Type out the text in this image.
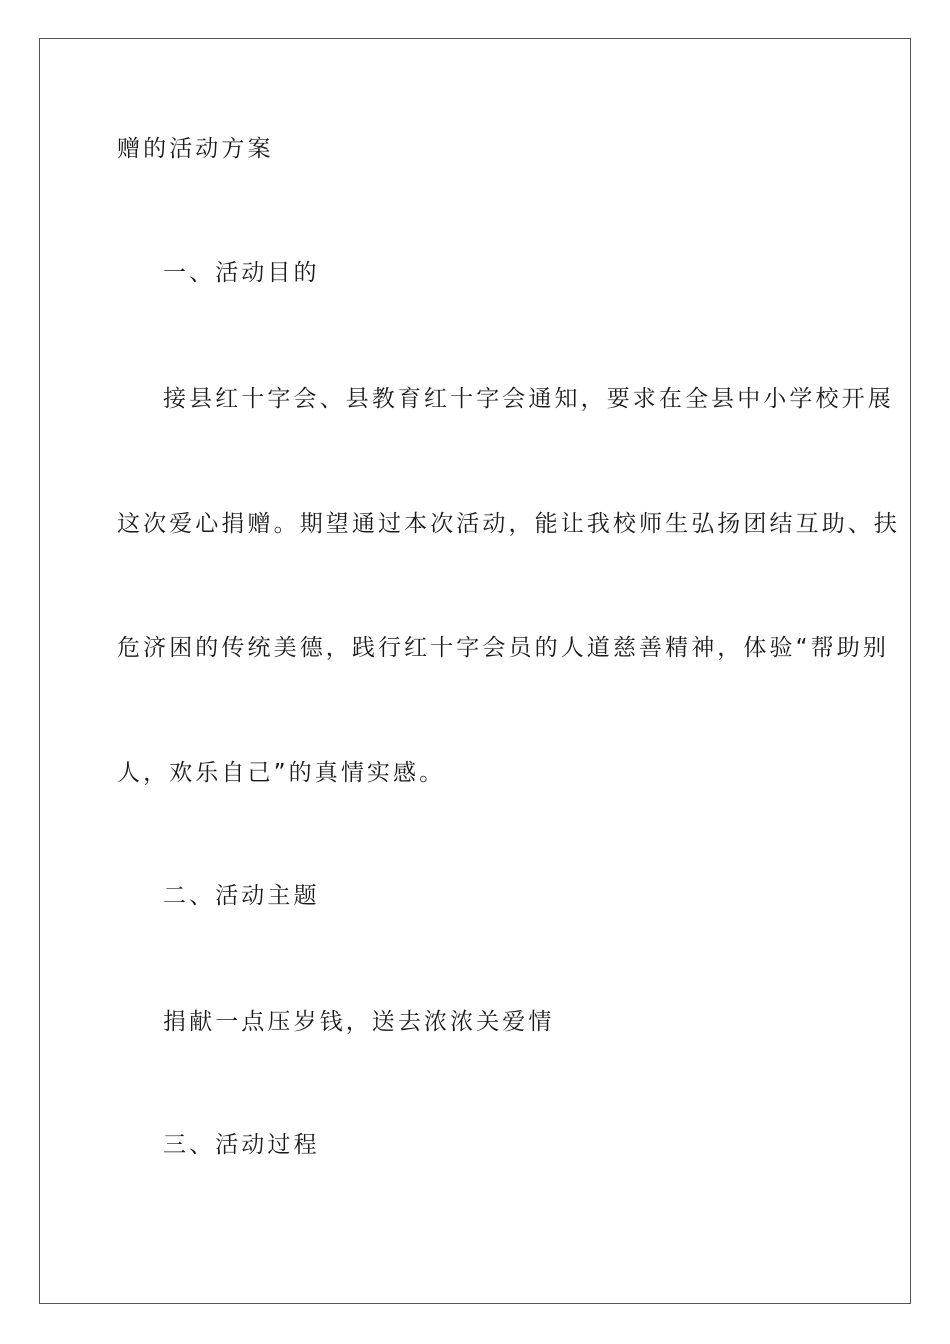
赠的活动方案
一、活动目的
接县红十字会、县教育红十字会通知，要求在全县中小学校开展
这次爱心捐赠。期望通过本次活动，能让我校师生弘扬团结互助、扶
危济困的传统美德，践行红十字会员的人道慈善精神，体验“帮助别
人，欢乐自己”的真情实感。
二、活动主题
捐献一点压岁钱，送去浓浓关爱情
三、活动过程
